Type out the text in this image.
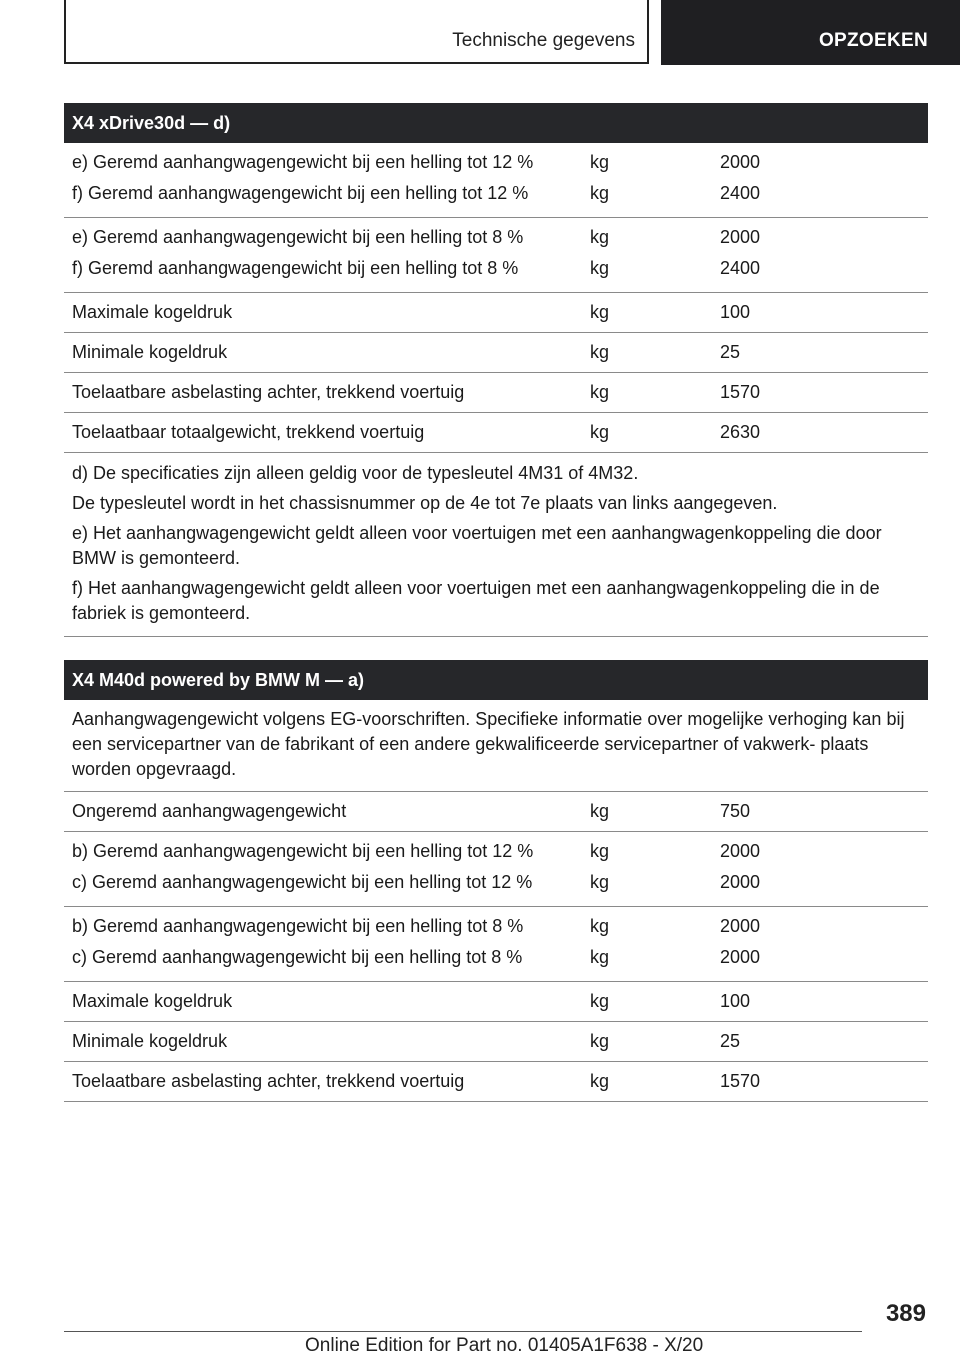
Technische gegevens	OPZOEKEN
X4 xDrive30d — d)
e) Geremd aanhangwagengewicht bij een helling tot 12 %	kg	2000
f) Geremd aanhangwagengewicht bij een helling tot 12 %	kg	2400
e) Geremd aanhangwagengewicht bij een helling tot 8 %	kg	2000
f) Geremd aanhangwagengewicht bij een helling tot 8 %	kg	2400
Maximale kogeldruk	kg	100
Minimale kogeldruk	kg	25
Toelaatbare asbelasting achter, trekkend voertuig	kg	1570
Toelaatbaar totaalgewicht, trekkend voertuig	kg	2630

d) De specificaties zijn alleen geldig voor de typesleutel 4M31 of 4M32.

De typesleutel wordt in het chassisnummer op de 4e tot 7e plaats van links aangegeven.

e) Het aanhangwagengewicht geldt alleen voor voertuigen met een aanhangwagenkoppeling die door BMW is gemonteerd.

f) Het aanhangwagengewicht geldt alleen voor voertuigen met een aanhangwagenkoppeling die in de fabriek is gemonteerd.

X4 M40d powered by BMW M — a)
Aanhangwagengewicht volgens EG-voorschriften. Specifieke informatie over mogelijke verhoging kan bij een servicepartner van de fabrikant of een andere gekwalificeerde servicepartner of vakwerk- plaats worden opgevraagd.
Ongeremd aanhangwagengewicht	kg	750
b) Geremd aanhangwagengewicht bij een helling tot 12 %	kg	2000
c) Geremd aanhangwagengewicht bij een helling tot 12 %	kg	2000
b) Geremd aanhangwagengewicht bij een helling tot 8 %	kg	2000
c) Geremd aanhangwagengewicht bij een helling tot 8 %	kg	2000
Maximale kogeldruk	kg	100
Minimale kogeldruk	kg	25
Toelaatbare asbelasting achter, trekkend voertuig	kg	1570
389
Online Edition for Part no. 01405A1F638 - X/20
